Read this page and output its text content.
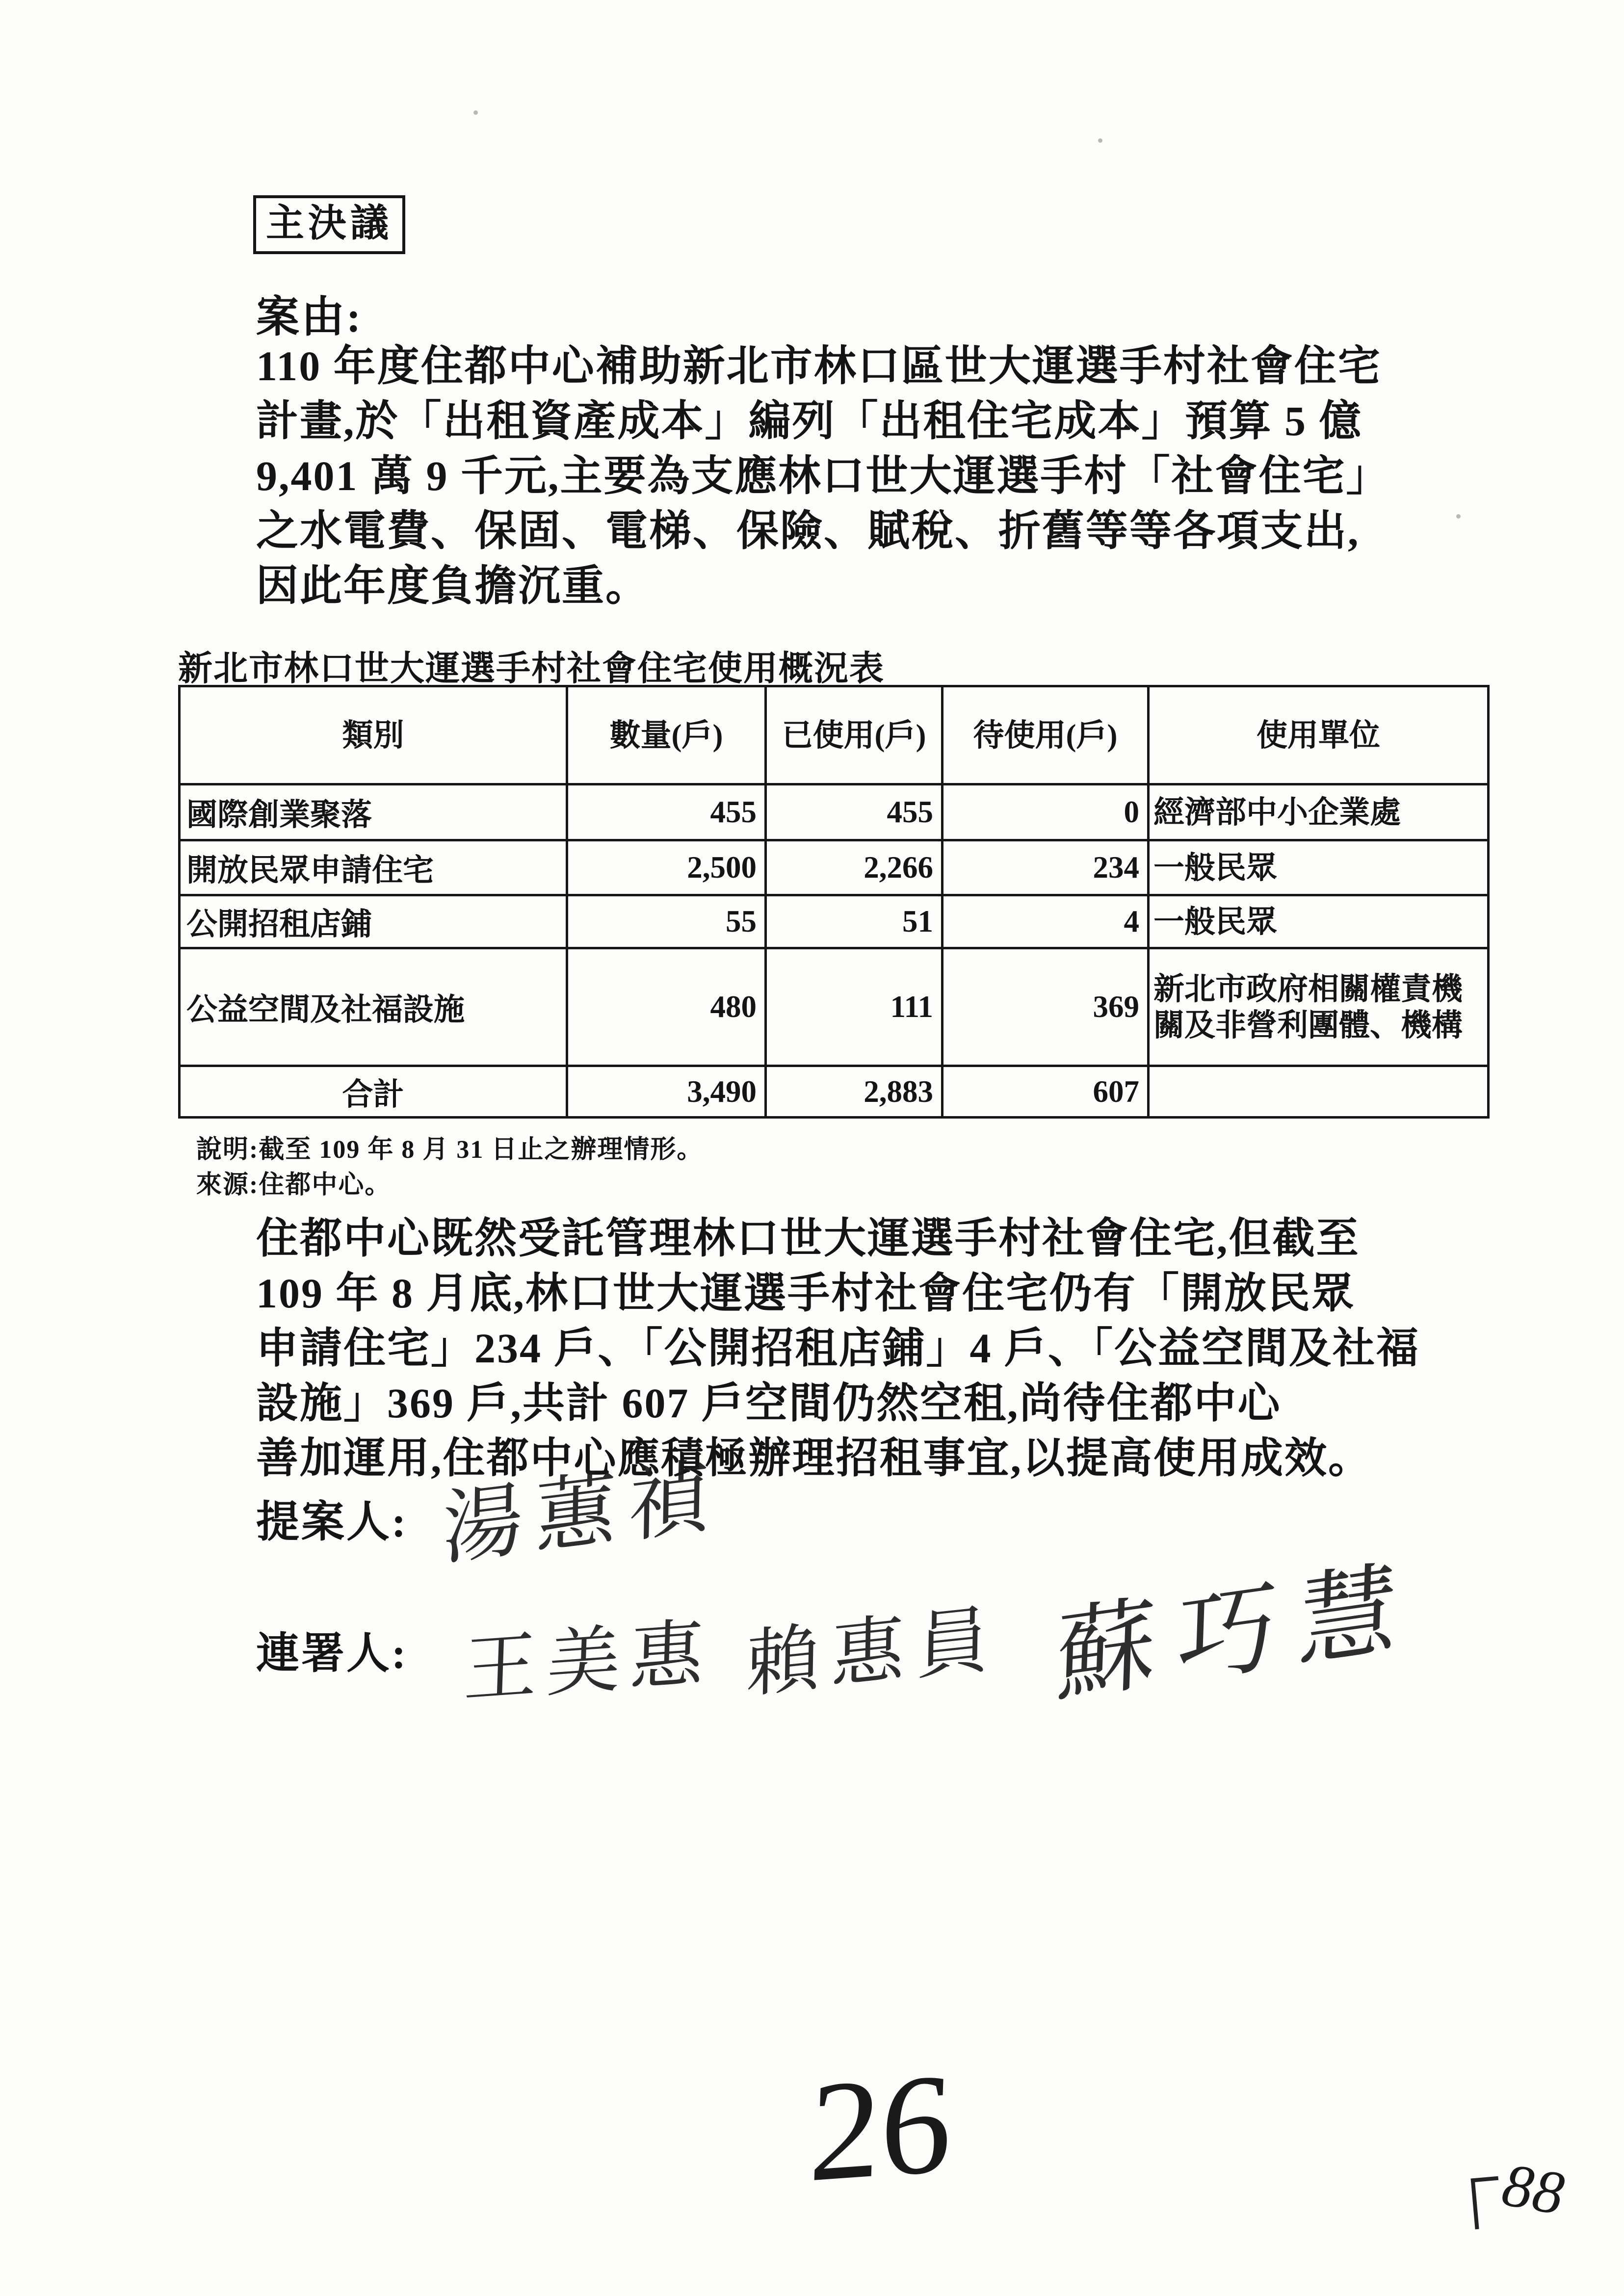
主決議
案由:
110 年度住都中心補助新北市林口區世大運選手村社會住宅
計畫,於「出租資產成本」編列「出租住宅成本」預算 5 億
9,401 萬 9 千元,主要為支應林口世大運選手村「社會住宅」
之水電費、保固、電梯、保險、賦稅、折舊等等各項支出,
因此年度負擔沉重。
新北市林口世大運選手村社會住宅使用概況表
類別	數量(戶)	已使用(戶)	待使用(戶)	使用單位
國際創業聚落	455	455	0	經濟部中小企業處
開放民眾申請住宅	2,500	2,266	234	一般民眾
公開招租店鋪	55	51	4	一般民眾
公益空間及社福設施	480	111	369	新北市政府相關權責機關及非營利團體、機構
合計	3,490	2,883	607	
說明:截至 109 年 8 月 31 日止之辦理情形。
來源:住都中心。
住都中心既然受託管理林口世大運選手村社會住宅,但截至
109 年 8 月底,林口世大運選手村社會住宅仍有「開放民眾
申請住宅」234 戶、「公開招租店鋪」4 戶、「公益空間及社福
設施」369 戶,共計 607 戶空間仍然空租,尚待住都中心
善加運用,住都中心應積極辦理招租事宜,以提高使用成效。
提案人: 湯蕙禎
連署人: 王美惠 賴惠員 蘇巧慧
26	88
